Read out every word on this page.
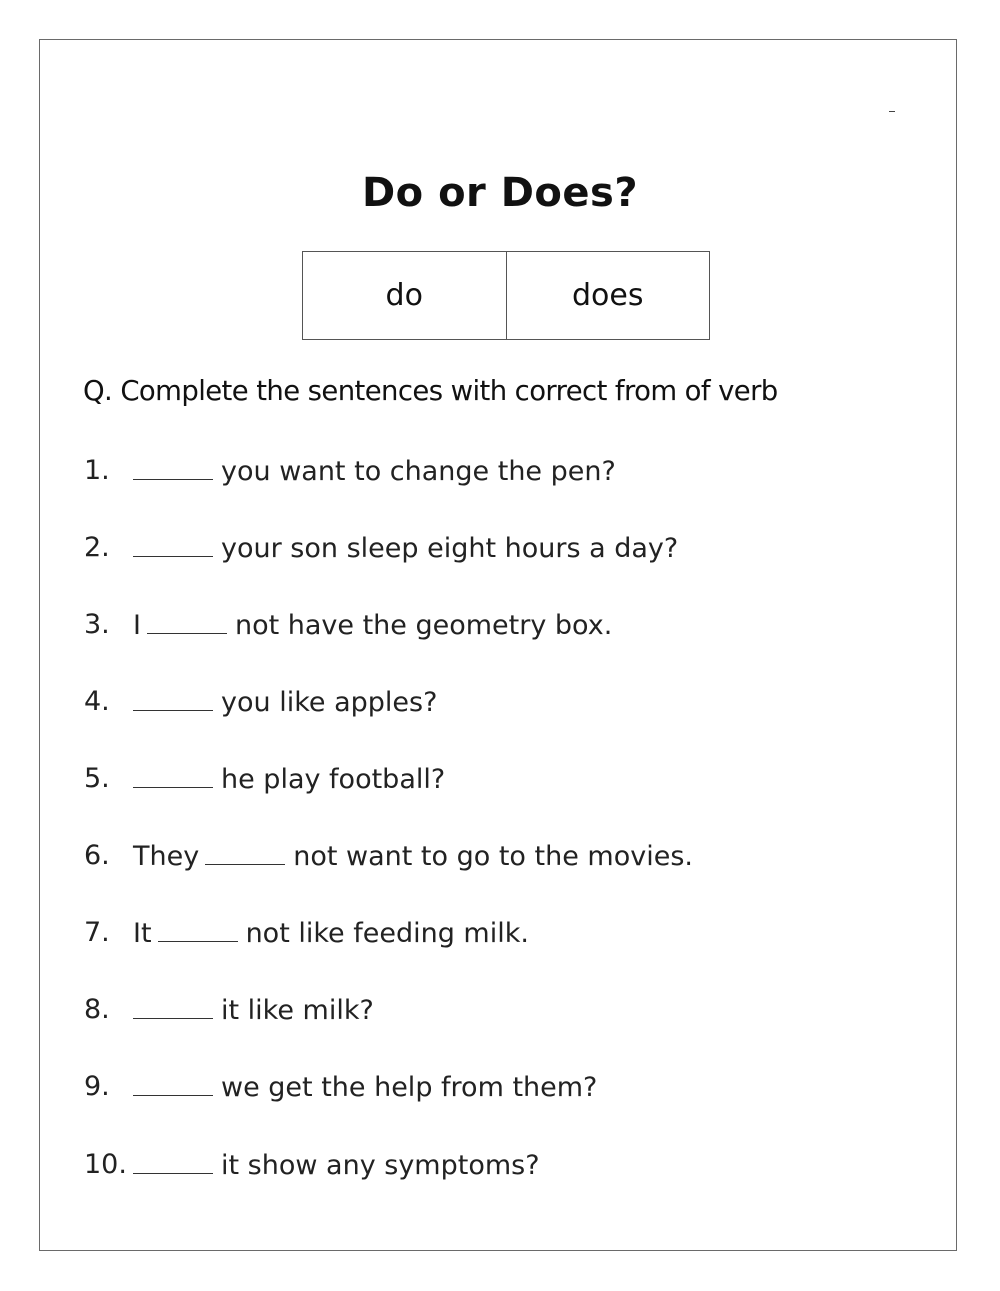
Do or Does?
do	does
Q. Complete the sentences with correct from of verb
1.	you want to change the pen?
2.	your son sleep eight hours a day?
3. I	not have the geometry box.
4.	you like apples?
5.	he play football?
6. They	not want to go to the movies.
7. It	not like feeding milk.
8.	it like milk?
9.	we get the help from them?
10.	it show any symptoms?
